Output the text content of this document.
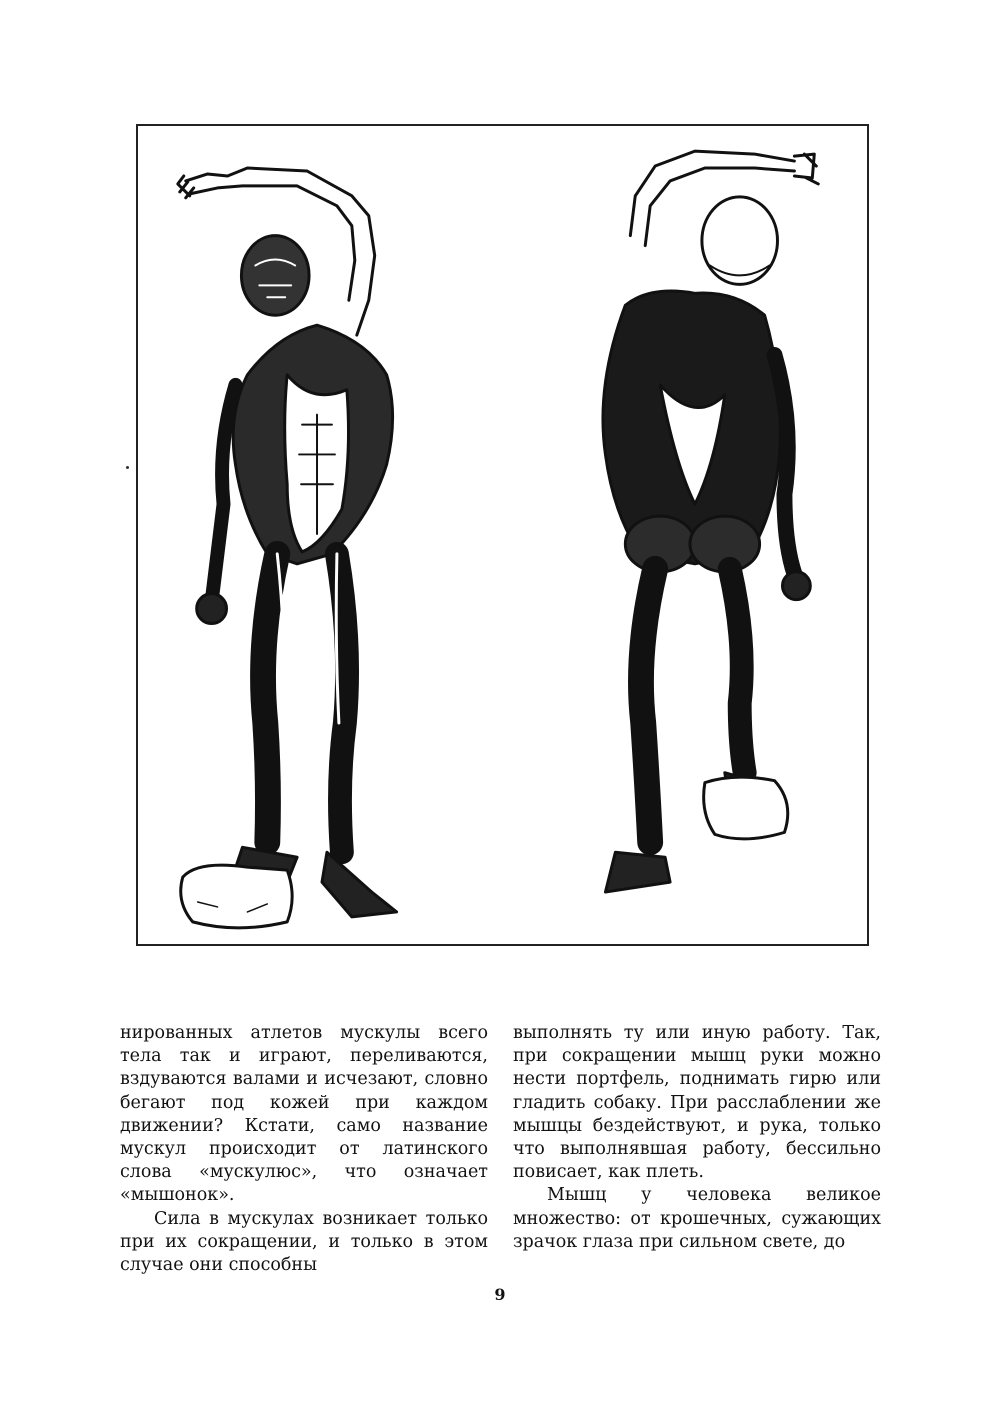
нированных атлетов мускулы всего тела так и играют, переливаются, вздуваются валами и исчезают, словно бегают под кожей при каждом движении? Кстати, само название мускул происходит от латинского слова «мускулюс», что означает «мышонок».

Сила в мускулах возникает только при их сокращении, и только в этом случае они способны

выполнять ту или иную работу. Так, при сокращении мышц руки можно нести портфель, поднимать гирю или гладить собаку. При расслаблении же мышцы бездействуют, и рука, только что выполнявшая работу, бессильно повисает, как плеть.

Мышц у человека великое множество: от крошечных, сужающих зрачок глаза при сильном свете, до

9
